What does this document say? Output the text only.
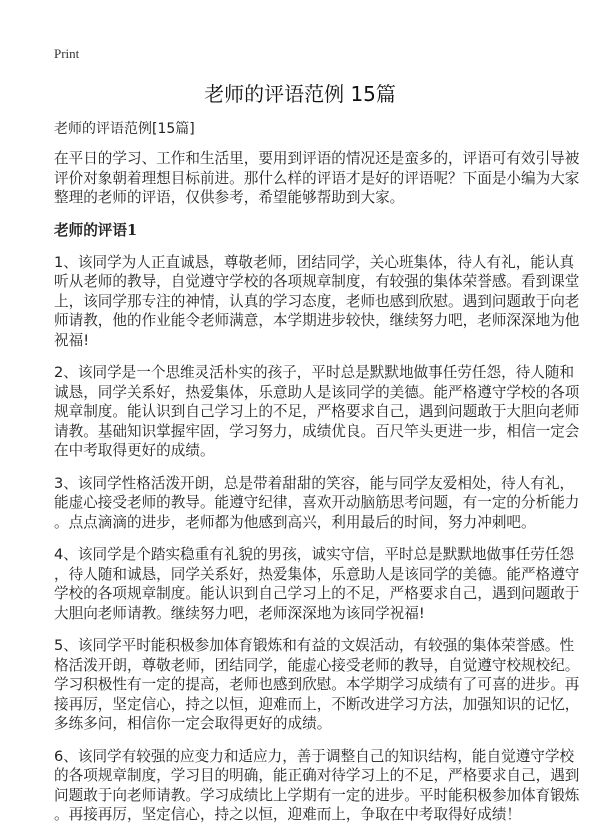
Print
老师的评语范例 15篇
老师的评语范例[15篇]
在平日的学习、工作和生活里，要用到评语的情况还是蛮多的，评语可有效引导被
评价对象朝着理想目标前进。那什么样的评语才是好的评语呢？下面是小编为大家
整理的老师的评语，仅供参考，希望能够帮助到大家。
老师的评语1
1、该同学为人正直诚恳，尊敬老师，团结同学，关心班集体，待人有礼，能认真
听从老师的教导，自觉遵守学校的各项规章制度，有较强的集体荣誉感。看到课堂
上，该同学那专注的神情，认真的学习态度，老师也感到欣慰。遇到问题敢于向老
师请教，他的作业能令老师满意，本学期进步较快，继续努力吧，老师深深地为他
祝福!
2、该同学是一个思维灵活朴实的孩子，平时总是默默地做事任劳任怨，待人随和
诚恳，同学关系好，热爱集体，乐意助人是该同学的美德。能严格遵守学校的各项
规章制度。能认识到自己学习上的不足，严格要求自己，遇到问题敢于大胆向老师
请教。基础知识掌握牢固，学习努力，成绩优良。百尺竿头更进一步，相信一定会
在中考取得更好的成绩。
3、该同学性格活泼开朗，总是带着甜甜的笑容，能与同学友爱相处，待人有礼，
能虚心接受老师的教导。能遵守纪律，喜欢开动脑筋思考问题，有一定的分析能力
。点点滴滴的进步，老师都为他感到高兴，利用最后的时间，努力冲刺吧。
4、该同学是个踏实稳重有礼貌的男孩，诚实守信，平时总是默默地做事任劳任怨
，待人随和诚恳，同学关系好，热爱集体，乐意助人是该同学的美德。能严格遵守
学校的各项规章制度。能认识到自己学习上的不足，严格要求自己，遇到问题敢于
大胆向老师请教。继续努力吧，老师深深地为该同学祝福!
5、该同学平时能积极参加体育锻炼和有益的文娱活动，有较强的集体荣誉感。性
格活泼开朗，尊敬老师，团结同学，能虚心接受老师的教导，自觉遵守校规校纪。
学习积极性有一定的提高，老师也感到欣慰。本学期学习成绩有了可喜的进步。再
接再厉，坚定信心，持之以恒，迎难而上，不断改进学习方法，加强知识的记忆，
多练多问，相信你一定会取得更好的成绩。
6、该同学有较强的应变力和适应力，善于调整自己的知识结构，能自觉遵守学校
的各项规章制度，学习目的明确，能正确对待学习上的不足，严格要求自己，遇到
问题敢于向老师请教。学习成绩比上学期有一定的进步。平时能积极参加体育锻炼
。再接再厉，坚定信心，持之以恒，迎难而上，争取在中考取得好成绩！
